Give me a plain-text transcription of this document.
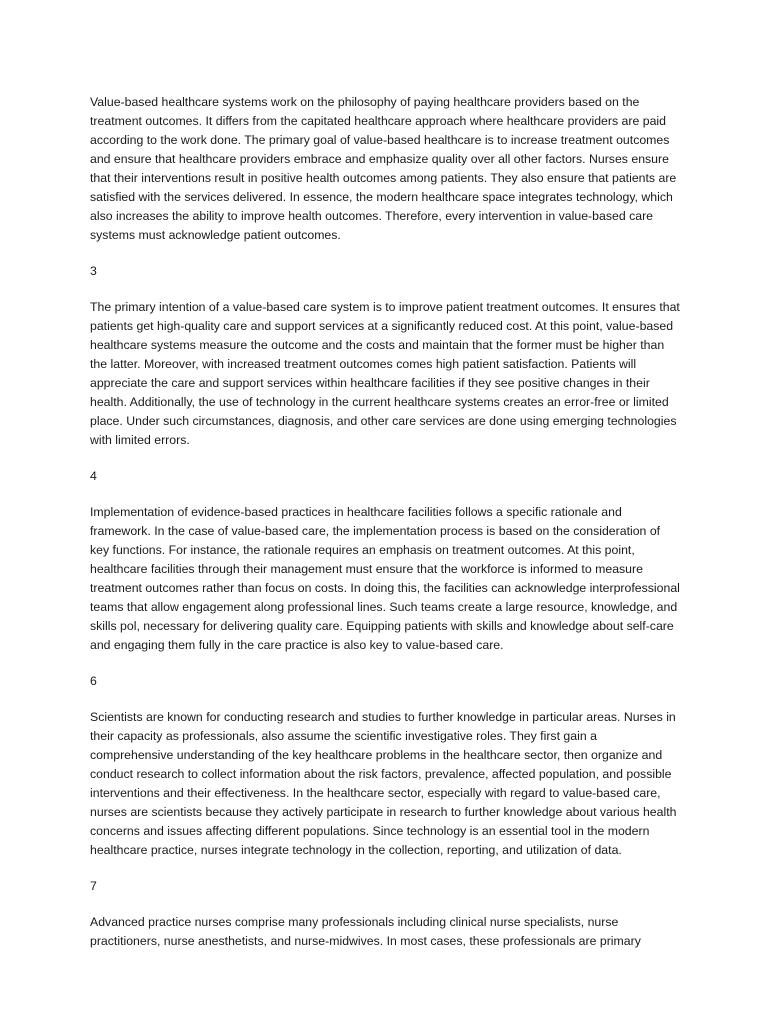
Value-based healthcare systems work on the philosophy of paying healthcare providers based on the treatment outcomes. It differs from the capitated healthcare approach where healthcare providers are paid according to the work done. The primary goal of value-based healthcare is to increase treatment outcomes and ensure that healthcare providers embrace and emphasize quality over all other factors. Nurses ensure that their interventions result in positive health outcomes among patients. They also ensure that patients are satisfied with the services delivered. In essence, the modern healthcare space integrates technology, which also increases the ability to improve health outcomes. Therefore, every intervention in value-based care systems must acknowledge patient outcomes.

3

The primary intention of a value-based care system is to improve patient treatment outcomes. It ensures that patients get high-quality care and support services at a significantly reduced cost. At this point, value-based healthcare systems measure the outcome and the costs and maintain that the former must be higher than the latter. Moreover, with increased treatment outcomes comes high patient satisfaction. Patients will appreciate the care and support services within healthcare facilities if they see positive changes in their health. Additionally, the use of technology in the current healthcare systems creates an error-free or limited place. Under such circumstances, diagnosis, and other care services are done using emerging technologies with limited errors.

4

Implementation of evidence-based practices in healthcare facilities follows a specific rationale and framework. In the case of value-based care, the implementation process is based on the consideration of key functions. For instance, the rationale requires an emphasis on treatment outcomes. At this point, healthcare facilities through their management must ensure that the workforce is informed to measure treatment outcomes rather than focus on costs. In doing this, the facilities can acknowledge interprofessional teams that allow engagement along professional lines. Such teams create a large resource, knowledge, and skills pol, necessary for delivering quality care. Equipping patients with skills and knowledge about self-care and engaging them fully in the care practice is also key to value-based care.

6

Scientists are known for conducting research and studies to further knowledge in particular areas. Nurses in their capacity as professionals, also assume the scientific investigative roles. They first gain a comprehensive understanding of the key healthcare problems in the healthcare sector, then organize and conduct research to collect information about the risk factors, prevalence, affected population, and possible interventions and their effectiveness. In the healthcare sector, especially with regard to value-based care, nurses are scientists because they actively participate in research to further knowledge about various health concerns and issues affecting different populations. Since technology is an essential tool in the modern healthcare practice, nurses integrate technology in the collection, reporting, and utilization of data.

7

Advanced practice nurses comprise many professionals including clinical nurse specialists, nurse practitioners, nurse anesthetists, and nurse-midwives. In most cases, these professionals are primary
